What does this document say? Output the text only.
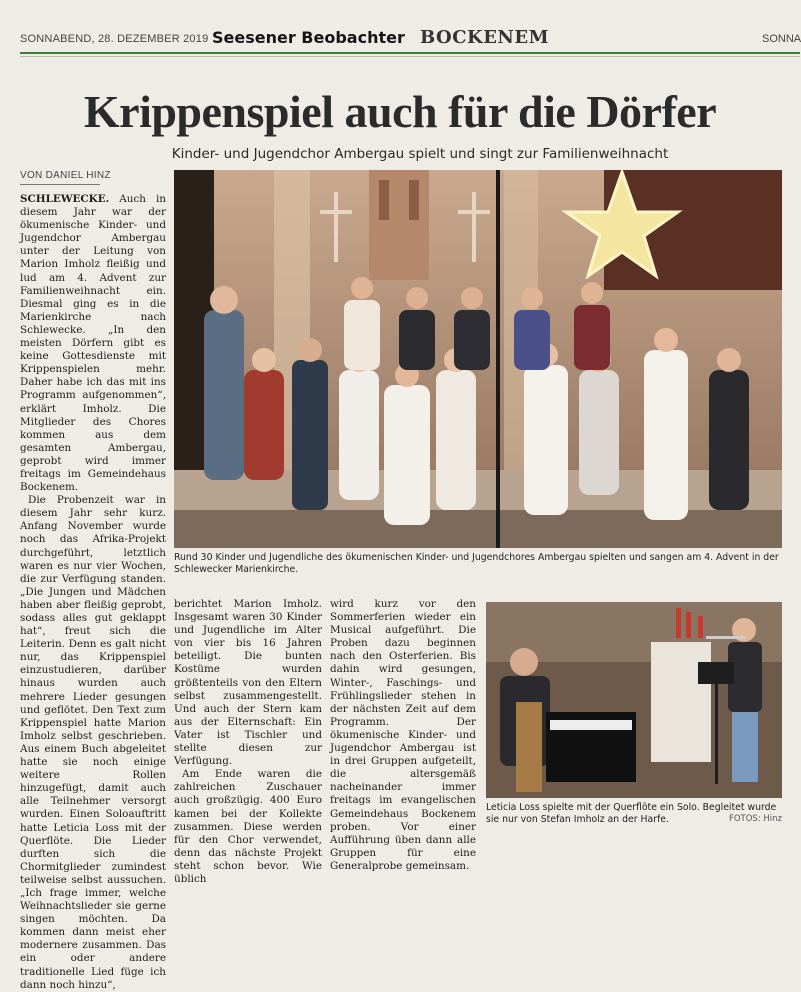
SONNABEND, 28. DEZEMBER 2019 Seesener Beobachter BOCKENEM	SONNA
Krippenspiel auch für die Dörfer
Kinder- und Jugendchor Ambergau spielt und singt zur Familienweihnacht
VON DANIEL HINZ

SCHLEWECKE. Auch in diesem Jahr war der ökumenische Kinder- und Jugendchor Ambergau unter der Leitung von Marion Imholz fleißig und lud am 4. Advent zur Familienweihnacht ein. Diesmal ging es in die Marienkirche nach Schlewecke. „In den meisten Dörfern gibt es keine Gottesdienste mit Krippenspielen mehr. Daher habe ich das mit ins Programm aufgenommen“, erklärt Imholz. Die Mitglieder des Chores kommen aus dem gesamten Ambergau, geprobt wird immer freitags im Gemeindehaus Bockenem.

Die Probenzeit war in diesem Jahr sehr kurz. Anfang November wurde noch das Afrika-Projekt durchgeführt, letztlich waren es nur vier Wochen, die zur Verfügung standen. „Die Jungen und Mädchen haben aber fleißig geprobt, sodass alles gut geklappt hat“, freut sich die Leiterin. Denn es galt nicht nur, das Krippenspiel einzustudieren, darüber hinaus wurden auch mehrere Lieder gesungen und geflötet. Den Text zum Krippenspiel hatte Marion Imholz selbst geschrieben. Aus einem Buch abgeleitet hatte sie noch einige weitere Rollen hinzugefügt, damit auch alle Teilnehmer versorgt wurden. Einen Soloauftritt hatte Leticia Loss mit der Querflöte. Die Lieder durften sich die Chormitglieder zumindest teilweise selbst aussuchen. „Ich frage immer, welche Weihnachtslieder sie gerne singen möchten. Da kommen dann meist eher modernere zusammen. Das ein oder andere traditionelle Lied füge ich dann noch hinzu“,

Rund 30 Kinder und Jugendliche des ökumenischen Kinder- und Jugendchores Ambergau spielten und sangen am 4. Advent in der Schlewecker Marienkirche.

berichtet Marion Imholz. Insgesamt waren 30 Kinder und Jugendliche im Alter von vier bis 16 Jahren beteiligt. Die bunten Kostüme wurden größtenteils von den Eltern selbst zusammengestellt. Und auch der Stern kam aus der Elternschaft: Ein Vater ist Tischler und stellte diesen zur Verfügung.

Am Ende waren die zahlreichen Zuschauer auch großzügig. 400 Euro kamen bei der Kollekte zusammen. Diese werden für den Chor verwendet, denn das nächste Projekt steht schon bevor. Wie üblich

wird kurz vor den Sommerferien wieder ein Musical aufgeführt. Die Proben dazu beginnen nach den Osterferien. Bis dahin wird gesungen, Winter-, Faschings- und Frühlingslieder stehen in der nächsten Zeit auf dem Programm. Der ökumenische Kinder- und Jugendchor Ambergau ist in drei Gruppen aufgeteilt, die altersgemäß nacheinander immer freitags im evangelischen Gemeindehaus Bockenem proben. Vor einer Aufführung üben dann alle Gruppen für eine Generalprobe gemeinsam.

Leticia Loss spielte mit der Querflöte ein Solo. Begleitet wurde sie nur von Stefan Imholz an der Harfe.	FOTOS: Hinz
